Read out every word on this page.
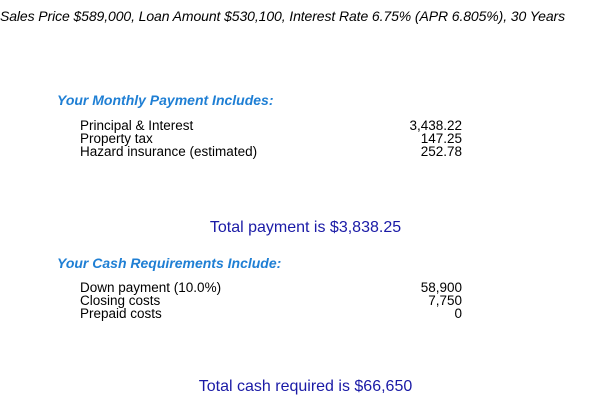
Sales Price $589,000, Loan Amount $530,100, Interest Rate 6.75% (APR 6.805%), 30 Years
Your Monthly Payment Includes:
Principal & Interest	3,438.22
Property tax	147.25
Hazard insurance (estimated)	252.78
Total payment is $3,838.25
Your Cash Requirements Include:
Down payment (10.0%)	58,900
Closing costs	7,750
Prepaid costs	0
Total cash required is $66,650
